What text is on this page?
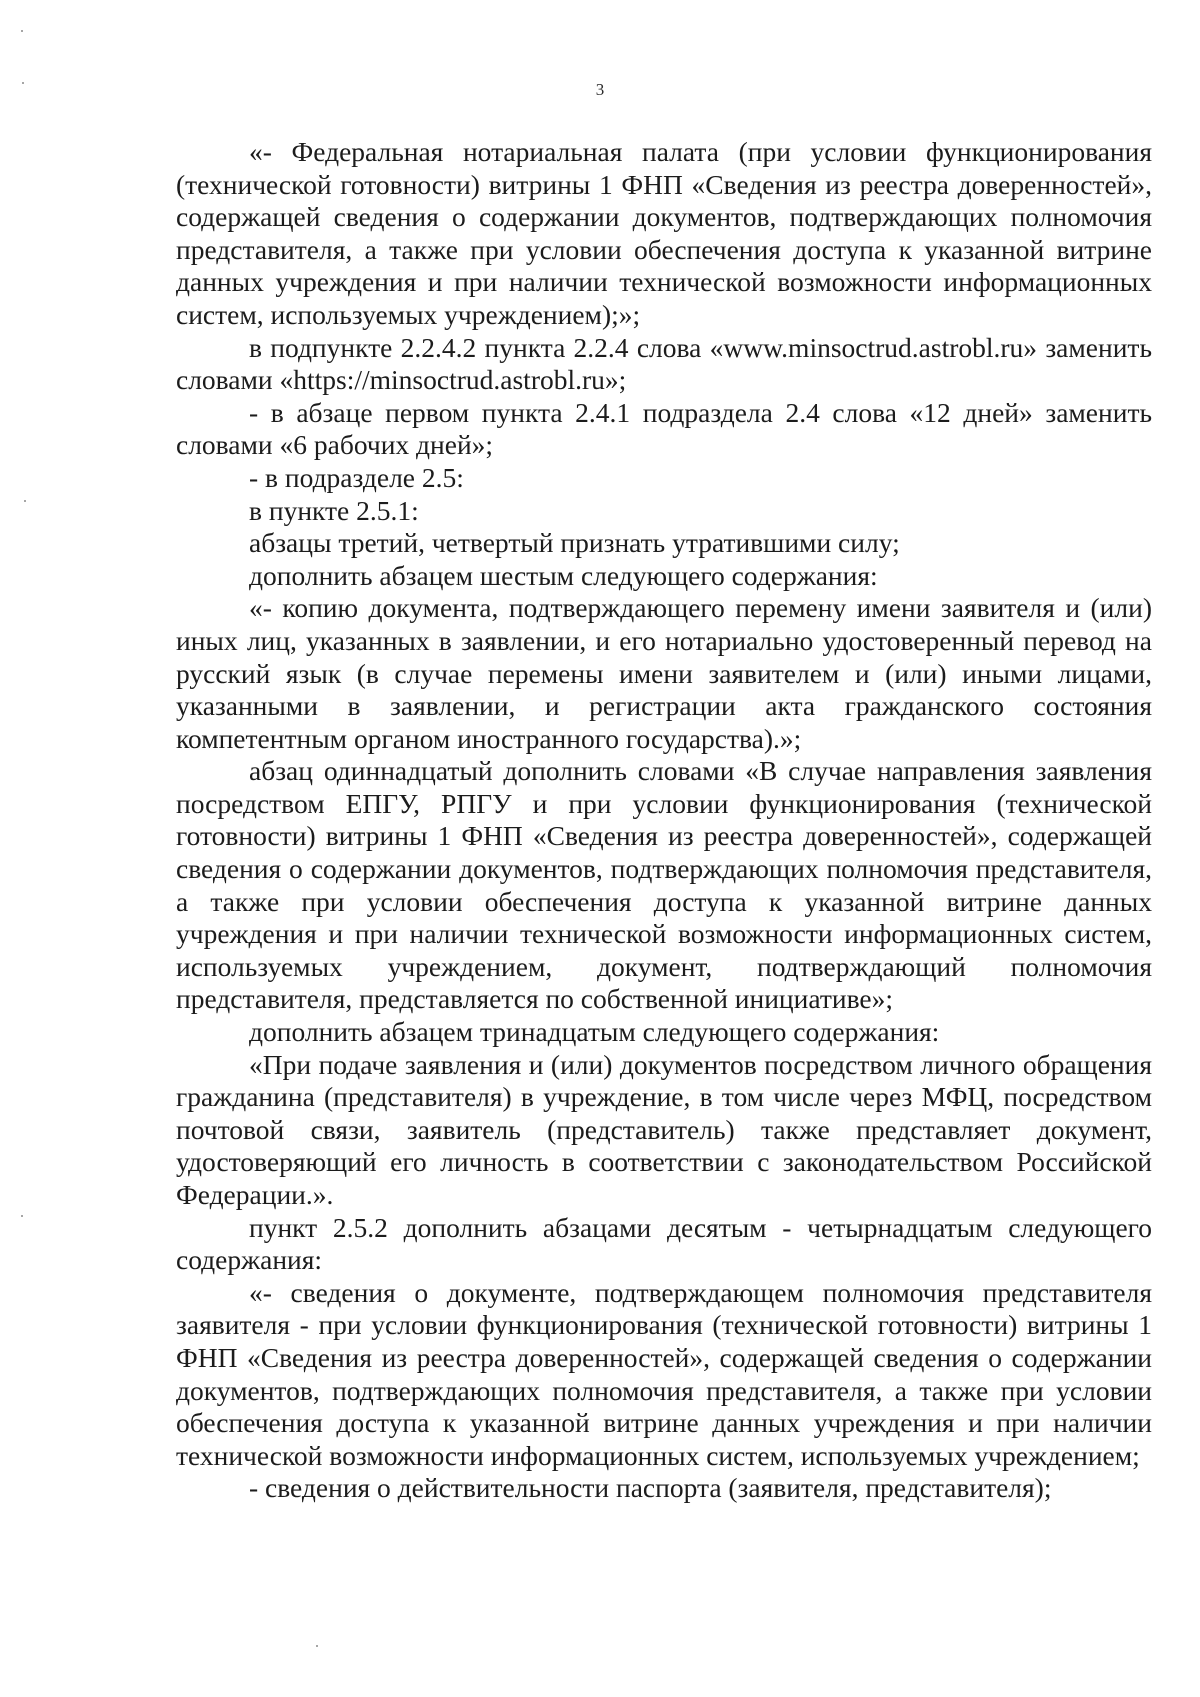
3

«- Федеральная нотариальная палата (при условии функционирования (технической готовности) витрины 1 ФНП «Сведения из реестра доверенностей», содержащей сведения о содержании документов, подтверждающих полномочия представителя, а также при условии обеспечения доступа к указанной витрине данных учреждения и при наличии технической возможности информационных систем, используемых учреждением);»;

в подпункте 2.2.4.2 пункта 2.2.4 слова «www.minsoctrud.astrobl.ru» заменить словами «https://minsoctrud.astrobl.ru»;

- в абзаце первом пункта 2.4.1 подраздела 2.4 слова «12 дней» заменить словами «6 рабочих дней»;

- в подразделе 2.5:

в пункте 2.5.1:

абзацы третий, четвертый признать утратившими силу;

дополнить абзацем шестым следующего содержания:

«- копию документа, подтверждающего перемену имени заявителя и (или) иных лиц, указанных в заявлении, и его нотариально удостоверенный перевод на русский язык (в случае перемены имени заявителем и (или) иными лицами, указанными в заявлении, и регистрации акта гражданского состояния компетентным органом иностранного государства).»;

абзац одиннадцатый дополнить словами «В случае направления заявления посредством ЕПГУ, РПГУ и при условии функционирования (технической готовности) витрины 1 ФНП «Сведения из реестра доверенностей», содержащей сведения о содержании документов, подтверждающих полномочия представителя, а также при условии обеспечения доступа к указанной витрине данных учреждения и при наличии технической возможности информационных систем, используемых учреждением, документ, подтверждающий полномочия представителя, представляется по собственной инициативе»;

дополнить абзацем тринадцатым следующего содержания:

«При подаче заявления и (или) документов посредством личного обращения гражданина (представителя) в учреждение, в том числе через МФЦ, посредством почтовой связи, заявитель (представитель) также представляет документ, удостоверяющий его личность в соответствии с законодательством Российской Федерации.».

пункт 2.5.2 дополнить абзацами десятым - четырнадцатым следующего содержания:

«- сведения о документе, подтверждающем полномочия представителя заявителя - при условии функционирования (технической готовности) витрины 1 ФНП «Сведения из реестра доверенностей», содержащей сведения о содержании документов, подтверждающих полномочия представителя, а также при условии обеспечения доступа к указанной витрине данных учреждения и при наличии технической возможности информационных систем, используемых учреждением;

- сведения о действительности паспорта (заявителя, представителя);
